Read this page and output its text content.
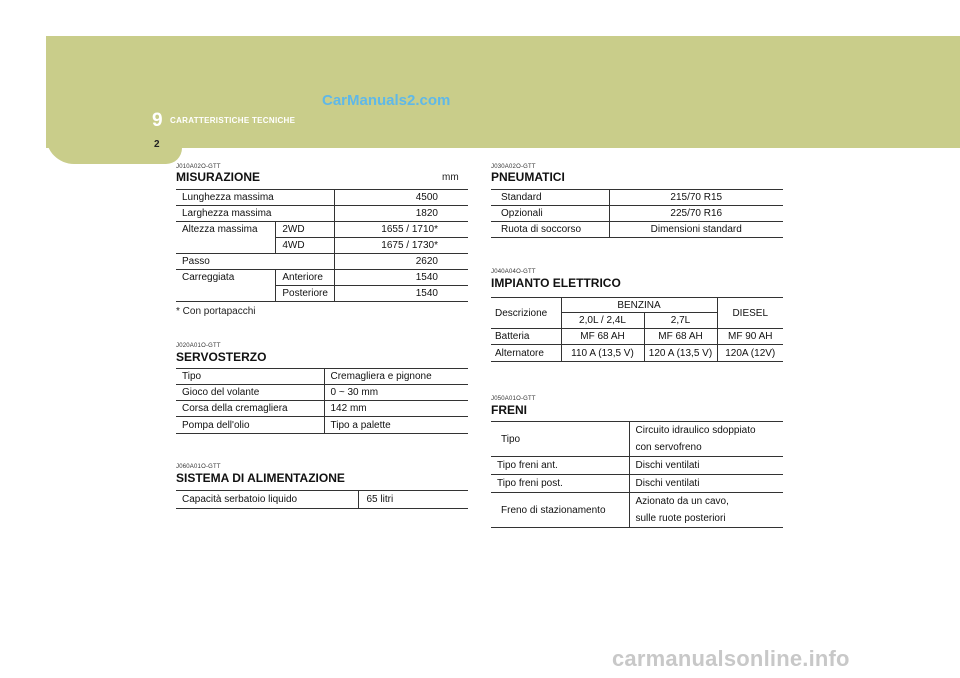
9 CARATTERISTICHE TECNICHE
CarManuals2.com
2
J010A02O-GTT
MISURAZIONE	mm
Lunghezza massima		4500
Larghezza massima		1820
Altezza massima	2WD	1655 / 1710*
	4WD	1675 / 1730*
Passo		2620
Carreggiata	Anteriore	1540
	Posteriore	1540
* Con portapacchi
J020A01O-GTT
SERVOSTERZO
Tipo	Cremagliera e pignone
Gioco del volante	0 ~ 30 mm
Corsa della cremagliera	142 mm
Pompa dell'olio	Tipo a palette
J060A01O-GTT
SISTEMA DI ALIMENTAZIONE
Capacità serbatoio liquido	65 litri
J030A02O-GTT
PNEUMATICI
Standard	215/70 R15
Opzionali	225/70 R16
Ruota di soccorso	Dimensioni standard
J040A04O-GTT
IMPIANTO ELETTRICO
Descrizione	BENZINA		DIESEL
	2,0L / 2,4L	2,7L	
Batteria	MF 68 AH	MF 68 AH	MF 90 AH
Alternatore	110 A (13,5 V)	120 A (13,5 V)	120A (12V)
J050A01O-GTT
FRENI
Tipo	Circuito idraulico sdoppiato
con servofreno

Tipo freni ant.	Dischi ventilati
Tipo freni post.	Dischi ventilati
Freno di stazionamento	Azionato da un cavo,
sulle ruote posteriori
carmanualsonline.info
